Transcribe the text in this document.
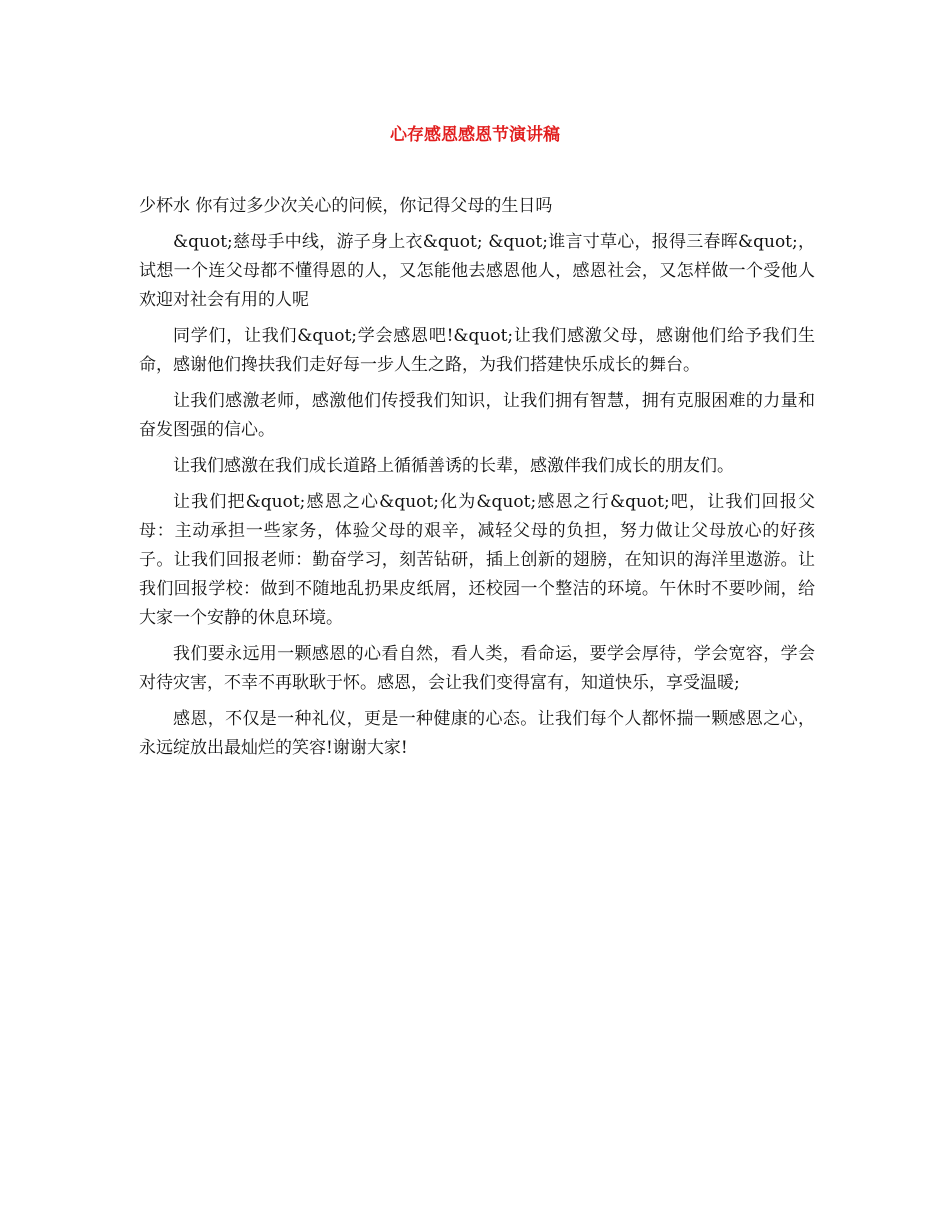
心存感恩感恩节演讲稿

少杯水 你有过多少次关心的问候，你记得父母的生日吗

&quot;慈母手中线，游子身上衣&quot; &quot;谁言寸草心，报得三春晖&quot;，试想一个连父母都不懂得恩的人，又怎能他去感恩他人，感恩社会，又怎样做一个受他人欢迎对社会有用的人呢

同学们，让我们&quot;学会感恩吧!&quot;让我们感激父母，感谢他们给予我们生命，感谢他们搀扶我们走好每一步人生之路，为我们搭建快乐成长的舞台。

让我们感激老师，感激他们传授我们知识，让我们拥有智慧，拥有克服困难的力量和奋发图强的信心。

让我们感激在我们成长道路上循循善诱的长辈，感激伴我们成长的朋友们。

让我们把&quot;感恩之心&quot;化为&quot;感恩之行&quot;吧，让我们回报父母：主动承担一些家务，体验父母的艰辛，减轻父母的负担，努力做让父母放心的好孩子。让我们回报老师：勤奋学习，刻苦钻研，插上创新的翅膀，在知识的海洋里遨游。让我们回报学校：做到不随地乱扔果皮纸屑，还校园一个整洁的环境。午休时不要吵闹，给大家一个安静的休息环境。

我们要永远用一颗感恩的心看自然，看人类，看命运，要学会厚待，学会宽容，学会对待灾害，不幸不再耿耿于怀。感恩，会让我们变得富有，知道快乐，享受温暖;

感恩，不仅是一种礼仪，更是一种健康的心态。让我们每个人都怀揣一颗感恩之心，永远绽放出最灿烂的笑容!谢谢大家!
